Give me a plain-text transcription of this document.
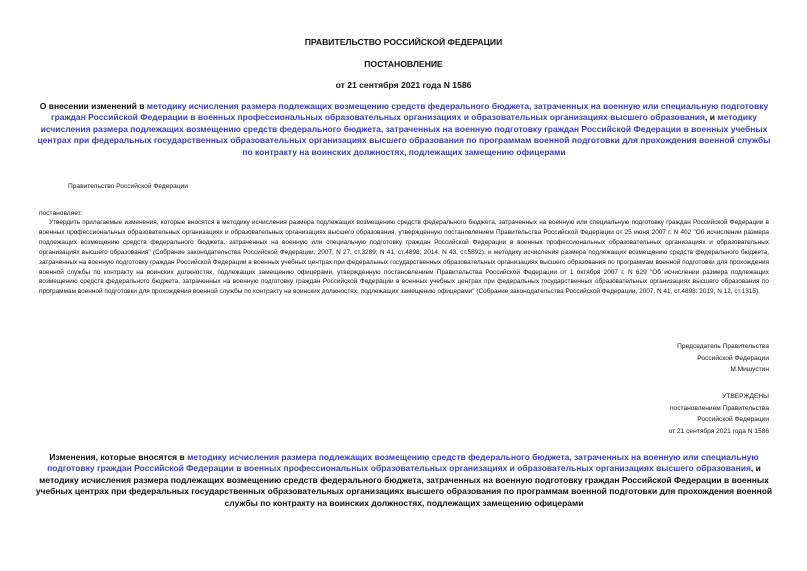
ПРАВИТЕЛЬСТВО РОССИЙСКОЙ ФЕДЕРАЦИИ
ПОСТАНОВЛЕНИЕ
от 21 сентября 2021 года N 1586
О внесении изменений в методику исчисления размера подлежащих возмещению средств федерального бюджета, затраченных на военную или специальную подготовку граждан Российской Федерации в военных профессиональных образовательных организациях и образовательных организациях высшего образования, и методику исчисления размера подлежащих возмещению средств федерального бюджета, затраченных на военную подготовку граждан Российской Федерации в военных учебных центрах при федеральных государственных образовательных организациях высшего образования по программам военной подготовки для прохождения военной службы по контракту на воинских должностях, подлежащих замещению офицерами
Правительство Российской Федерации
постановляет:
Утвердить прилагаемые изменения, которые вносятся в методику исчисления размера подлежащих возмещению средств федерального бюджета, затраченных на военную или специальную подготовку граждан Российской Федерации в военных профессиональных образовательных организациях и образовательных организациях высшего образования, утвержденную постановлением Правительства Российской Федерации от 25 июня 2007 г. N 402 "Об исчислении размера подлежащих возмещению средств федерального бюджета, затраченных на военную или специальную подготовку граждан Российской Федерации в военных профессиональных образовательных организациях и образовательных организациях высшего образования" (Собрание законодательства Российской Федерации, 2007, N 27, ст.3289; N 41, ст.4898; 2014, N 43, ст.5892), и методику исчисления размера подлежащих возмещению средств федерального бюджета, затраченных на военную подготовку граждан Российской Федерации в военных учебных центрах при федеральных государственных образовательных организациях высшего образования по программам военной подготовки для прохождения военной службы по контракту на воинских должностях, подлежащих замещению офицерами, утвержденную постановлением Правительства Российской Федерации от 1 октября 2007 г. N 629 "Об исчислении размера подлежащих возмещению средств федерального бюджета, затраченных на военную подготовку граждан Российской Федерации в военных учебных центрах при федеральных государственных образовательных организациях высшего образования по программам военной подготовки для прохождения военной службы по контракту на воинских должностях, подлежащих замещению офицерами" (Собрание законодательства Российской Федерации, 2007, N 41, ст.4898; 2019, N 12, ст.1315).
Председатель Правительства
Российской Федерации
М.Мишустин
УТВЕРЖДЕНЫ
постановлением Правительства
Российской Федерации
от 21 сентября 2021 года N 1586
Изменения, которые вносятся в методику исчисления размера подлежащих возмещению средств федерального бюджета, затраченных на военную или специальную подготовку граждан Российской Федерации в военных профессиональных образовательных организациях и образовательных организациях высшего образования, и методику исчисления размера подлежащих возмещению средств федерального бюджета, затраченных на военную подготовку граждан Российской Федерации в военных учебных центрах при федеральных государственных образовательных организациях высшего образования по программам военной подготовки для прохождения военной службы по контракту на воинских должностях, подлежащих замещению офицерами
